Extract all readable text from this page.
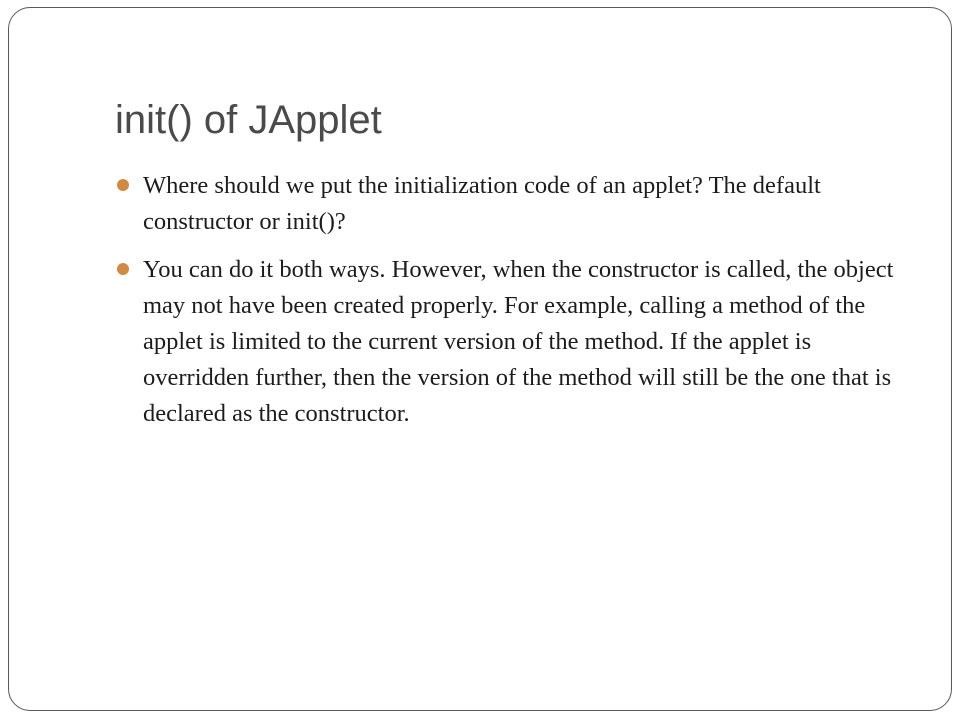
init() of JApplet
Where should we put the initialization code of an applet? The default constructor or init()?
You can do it both ways. However, when the constructor is called, the object may not have been created properly. For example, calling a method of the applet is limited to the current version of the method. If the applet is overridden further, then the version of the method will still be the one that is declared as the constructor.
